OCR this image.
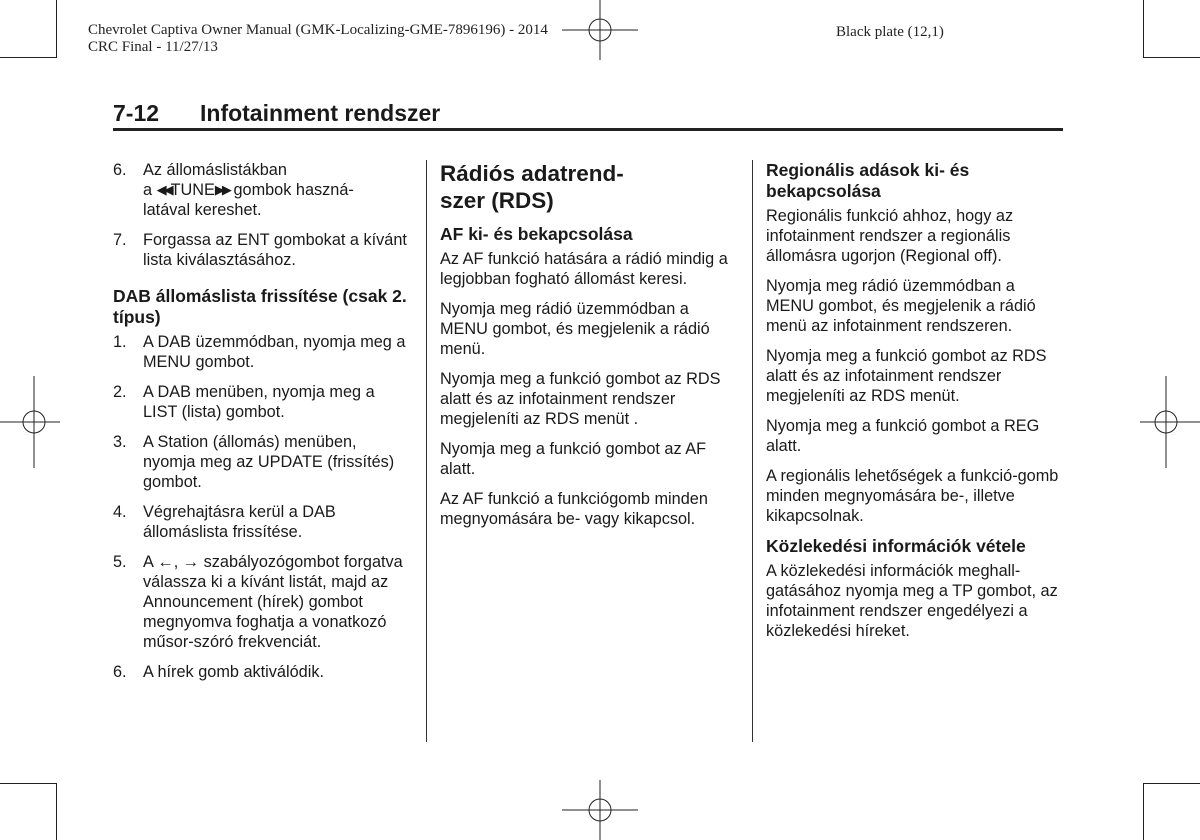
Chevrolet Captiva Owner Manual (GMK-Localizing-GME-7896196) - 2014
CRC Final - 11/27/13
Black plate (12,1)
7-12 Infotainment rendszer
6.	Az állomáslistákban
a ◀◀TUNE▶▶ gombok haszná-
latával kereshet.
7.	Forgassa az ENT gombokat a kívánt lista kiválasztásához.
DAB állomáslista frissítése (csak 2. típus)
1.	A DAB üzemmódban, nyomja meg a MENU gombot.
2.	A DAB menüben, nyomja meg a LIST (lista) gombot.
3.	A Station (állomás) menüben, nyomja meg az UPDATE (frissítés) gombot.
4.	Végrehajtásra kerül a DAB állomáslista frissítése.
5.	A ←, → szabályozógombot forgatva válassza ki a kívánt listát, majd az Announcement (hírek) gombot megnyomva foghatja a vonatkozó műsor-szóró frekvenciát.
6.	A hírek gomb aktiválódik.
Rádiós adatrend-szer (RDS)
AF ki- és bekapcsolása

Az AF funkció hatására a rádió mindig a legjobban fogható állomást keresi.

Nyomja meg rádió üzemmódban a MENU gombot, és megjelenik a rádió menü.

Nyomja meg a funkció gombot az RDS alatt és az infotainment rendszer megjeleníti az RDS menüt .

Nyomja meg a funkció gombot az AF alatt.

Az AF funkció a funkciógomb minden megnyomására be- vagy kikapcsol.

Regionális adások ki- és bekapcsolása

Regionális funkció ahhoz, hogy az infotainment rendszer a regionális állomásra ugorjon (Regional off).

Nyomja meg rádió üzemmódban a MENU gombot, és megjelenik a rádió menü az infotainment rendszeren.

Nyomja meg a funkció gombot az RDS alatt és az infotainment rendszer megjeleníti az RDS menüt.

Nyomja meg a funkció gombot a REG alatt.

A regionális lehetőségek a funkció-gomb minden megnyomására be-, illetve kikapcsolnak.

Közlekedési információk vétele

A közlekedési információk meghall-gatásához nyomja meg a TP gombot, az infotainment rendszer engedélyezi a közlekedési híreket.
